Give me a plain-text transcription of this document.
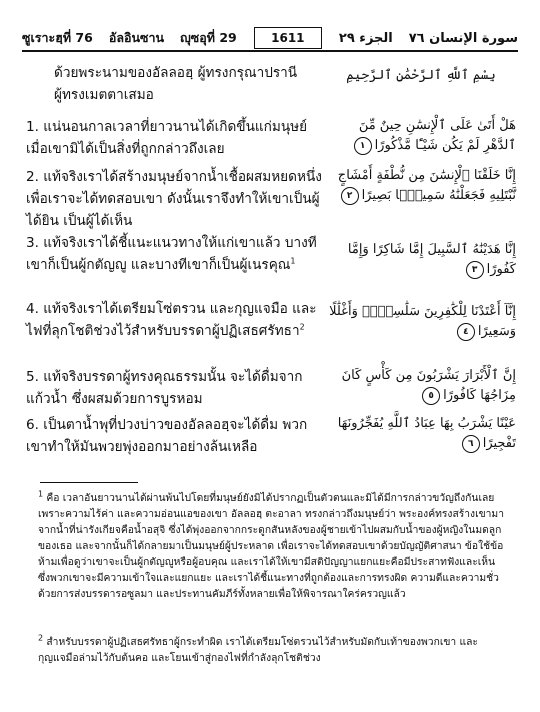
ซูเราะฮฺที่ 76 อัลอินซาน ญุซอุที่ 29	1611	سورة الإنسان ٧٦
الجزء ٢٩
ด้วยพระนามของอัลลอฮฺ ผู้ทรงกรุณาปรานี ผู้ทรงเมตตาเสมอ
بِسْمِ ٱللَّهِ ٱلرَّحْمَٰنِ ٱلرَّحِيمِ
1. แน่นอนกาลเวลาที่ยาวนานได้เกิดขึ้นแก่มนุษย์ เมื่อเขามิได้เป็นสิ่งที่ถูกกล่าวถึงเลย
هَلْ أَتَىٰ عَلَى ٱلْإِنسَٰنِ حِينٌ مِّنَ ٱلدَّهْرِ لَمْ يَكُن شَيْـًٔا مَّذْكُورًا١
2. แท้จริงเราได้สร้างมนุษย์จากน้ำเชื้อผสมหยดหนึ่ง เพื่อเราจะได้ทดสอบเขา ดังนั้นเราจึงทำให้เขาเป็นผู้ได้ยิน เป็นผู้ได้เห็น
إِنَّا خَلَقْنَا ٱلْإِنسَٰنَ مِن نُّطْفَةٍ أَمْشَاجٍ نَّبْتَلِيهِ فَجَعَلْنَٰهُ سَمِيعًۢا بَصِيرًا٢
3. แท้จริงเราได้ชี้แนะแนวทางให้แก่เขาแล้ว บางทีเขาก็เป็นผู้กตัญญู และบางทีเขาก็เป็นผู้เนรคุณ$^1$
إِنَّا هَدَيْنَٰهُ ٱلسَّبِيلَ إِمَّا شَاكِرًا وَإِمَّا كَفُورًا٣
4. แท้จริงเราได้เตรียมโซ่ตรวน และกุญแจมือ และไฟที่ลุกโชติช่วงไว้สำหรับบรรดาผู้ปฏิเสธศรัทธา$^2$
إِنَّآ أَعْتَدْنَا لِلْكَٰفِرِينَ سَلَٰسِلَا۟ وَأَغْلَٰلًا وَسَعِيرًا٤
5. แท้จริงบรรดาผู้ทรงคุณธรรมนั้น จะได้ดื่มจากแก้วน้ำ ซึ่งผสมด้วยการบูรหอม
إِنَّ ٱلْأَبْرَارَ يَشْرَبُونَ مِن كَأْسٍ كَانَ مِزَاجُهَا كَافُورًا٥
6. เป็นตาน้ำพุที่ปวงบ่าวของอัลลอฮฺจะได้ดื่ม พวกเขาทำให้มันพวยพุ่งออกมาอย่างล้นเหลือ
عَيْنًا يَشْرَبُ بِهَا عِبَادُ ٱللَّهِ يُفَجِّرُونَهَا تَفْجِيرًا٦
$^1$ คือ เวลาอันยาวนานได้ผ่านพ้นไปโดยที่มนุษย์ยังมิได้ปรากฏเป็นตัวตนและมิได้มีการกล่าวขวัญถึงกันเลย เพราะความไร้ค่า และความอ่อนแอของเขา อัลลอฮฺ ตะอาลา ทรงกล่าวถึงมนุษย์ว่า พระองค์ทรงสร้างเขามาจากน้ำที่น่ารังเกียจคือน้ำอสุจิ ซึ่งได้พุ่งออกจากกระดูกสันหลังของผู้ชายเข้าไปผสมกับน้ำของผู้หญิงในมดลูกของเธอ และจากนั้นก็ได้กลายมาเป็นมนุษย์ผู้ประหลาด เพื่อเราจะได้ทดสอบเขาด้วยบัญญัติศาสนา ข้อใช้ข้อห้ามเพื่อดูว่าเขาจะเป็นผู้กตัญญูหรือผู้อบคุณ และเราได้ให้เขามีสติปัญญาแยกแยะคือมีประสาทฟังและเห็น ซึ่งพวกเขาจะมีความเข้าใจและแยกแยะ และเราได้ชี้แนะทางที่ถูกต้องและการทรงผิด ความดีและความชั่วด้วยการส่งบรรดารอซูลมา และประทานคัมภีร์ทั้งหลายเพื่อให้พิจารณาใคร่ครวญแล้ว
$^2$ สำหรับบรรดาผู้ปฏิเสธศรัทธาผู้กระทำผิด เราได้เตรียมโซ่ตรวนไว้สำหรับมัดกับเท้าของพวกเขา และกุญแจมือล่ามไว้กับต้นคอ และโยนเข้าสู่กองไฟที่กำลังลุกโชติช่วง
